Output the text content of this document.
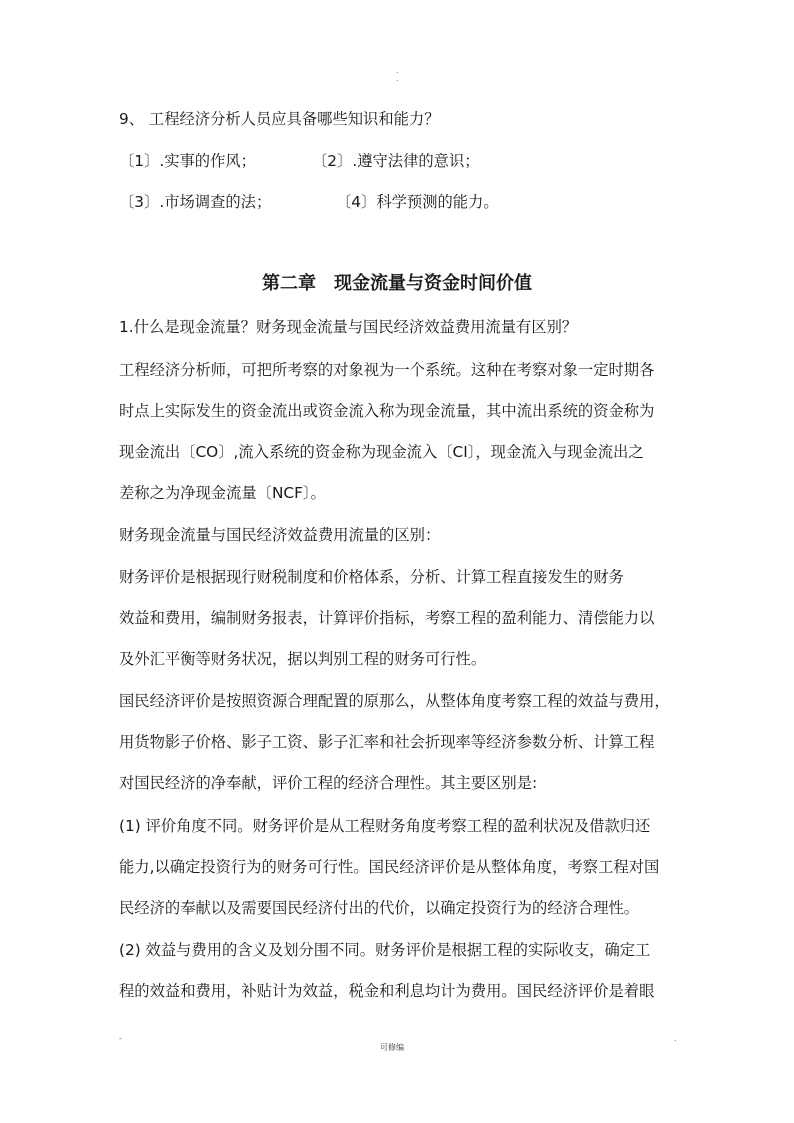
.
.
9、 工程经济分析人员应具备哪些知识和能力？
〔1〕.实事的作风；	〔2〕.遵守法律的意识；
〔3〕.市场调查的法；	〔4〕科学预测的能力。
第二章　现金流量与资金时间价值
1.什么是现金流量？财务现金流量与国民经济效益费用流量有区别？
工程经济分析师，可把所考察的对象视为一个系统。这种在考察对象一定时期各
时点上实际发生的资金流出或资金流入称为现金流量，其中流出系统的资金称为
现金流出〔CO〕,流入系统的资金称为现金流入〔CI〕，现金流入与现金流出之
差称之为净现金流量〔NCF〕。
财务现金流量与国民经济效益费用流量的区别：
财务评价是根据现行财税制度和价格体系，分析、计算工程直接发生的财务
效益和费用，编制财务报表，计算评价指标，考察工程的盈利能力、清偿能力以
及外汇平衡等财务状况，据以判别工程的财务可行性。
国民经济评价是按照资源合理配置的原那么，从整体角度考察工程的效益与费用，
用货物影子价格、影子工资、影子汇率和社会折现率等经济参数分析、计算工程
对国民经济的净奉献，评价工程的经济合理性。其主要区别是:
(1) 评价角度不同。财务评价是从工程财务角度考察工程的盈利状况及借款归还
能力,以确定投资行为的财务可行性。国民经济评价是从整体角度，考察工程对国
民经济的奉献以及需要国民经济付出的代价，以确定投资行为的经济合理性。
(2) 效益与费用的含义及划分围不同。财务评价是根据工程的实际收支，确定工
程的效益和费用，补贴计为效益，税金和利息均计为费用。国民经济评价是着眼
-
可修编
.
